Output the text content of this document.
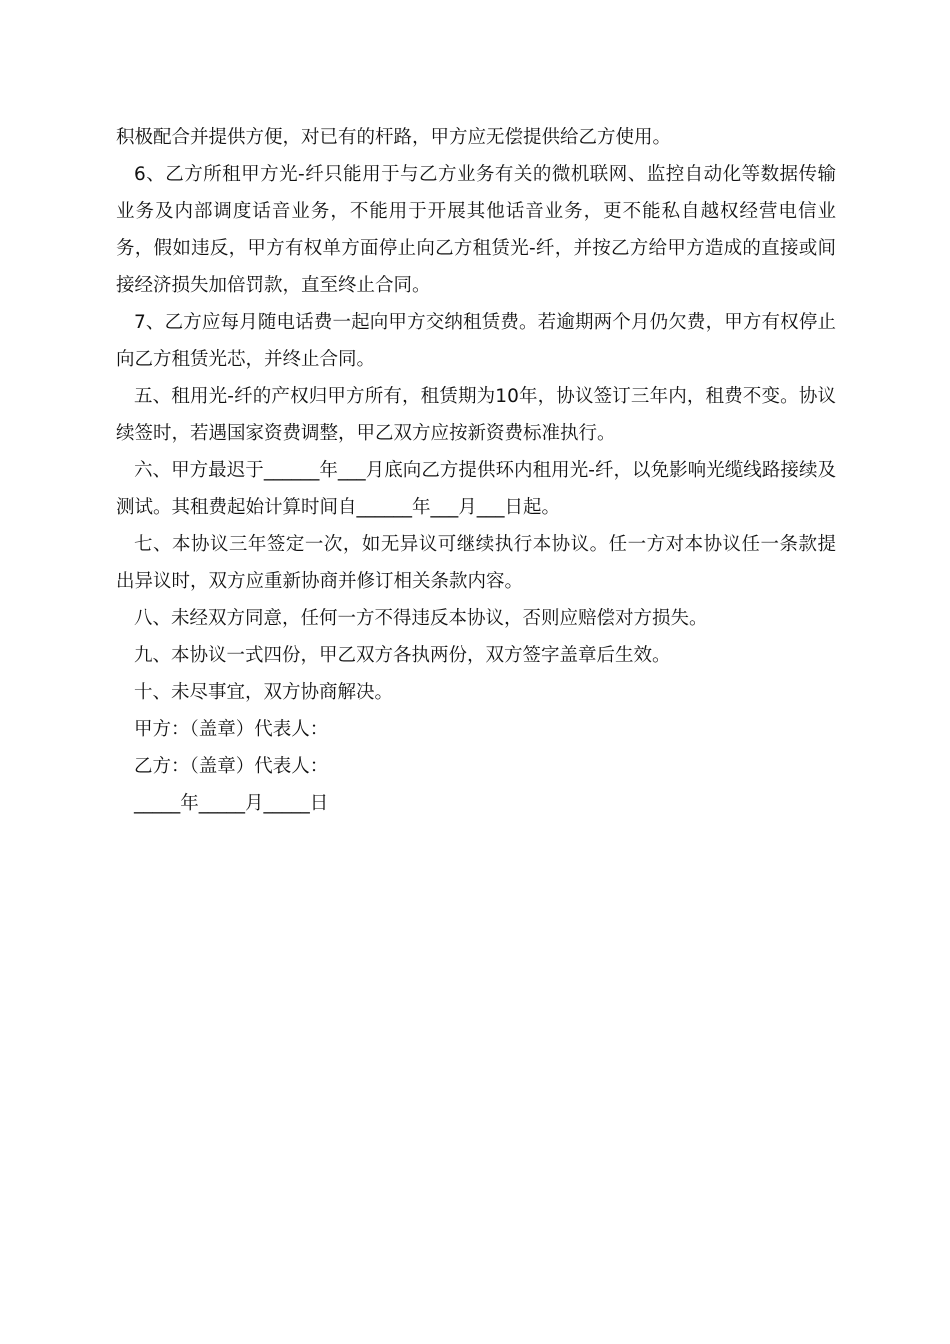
积极配合并提供方便，对已有的杆路，甲方应无偿提供给乙方使用。

6、乙方所租甲方光-纤只能用于与乙方业务有关的微机联网、监控自动化等数据传输业务及内部调度话音业务，不能用于开展其他话音业务，更不能私自越权经营电信业务，假如违反，甲方有权单方面停止向乙方租赁光-纤，并按乙方给甲方造成的直接或间接经济损失加倍罚款，直至终止合同。

7、乙方应每月随电话费一起向甲方交纳租赁费。若逾期两个月仍欠费，甲方有权停止向乙方租赁光芯，并终止合同。

五、租用光-纤的产权归甲方所有，租赁期为10年，协议签订三年内，租费不变。协议续签时，若遇国家资费调整，甲乙双方应按新资费标准执行。

六、甲方最迟于______年___月底向乙方提供环内租用光-纤，以免影响光缆线路接续及测试。其租费起始计算时间自______年___月___日起。

七、本协议三年签定一次，如无异议可继续执行本协议。任一方对本协议任一条款提出异议时，双方应重新协商并修订相关条款内容。

八、未经双方同意，任何一方不得违反本协议，否则应赔偿对方损失。

九、本协议一式四份，甲乙双方各执两份，双方签字盖章后生效。

十、未尽事宜，双方协商解决。

甲方：（盖章）代表人：

乙方：（盖章）代表人：

_____年_____月_____日
